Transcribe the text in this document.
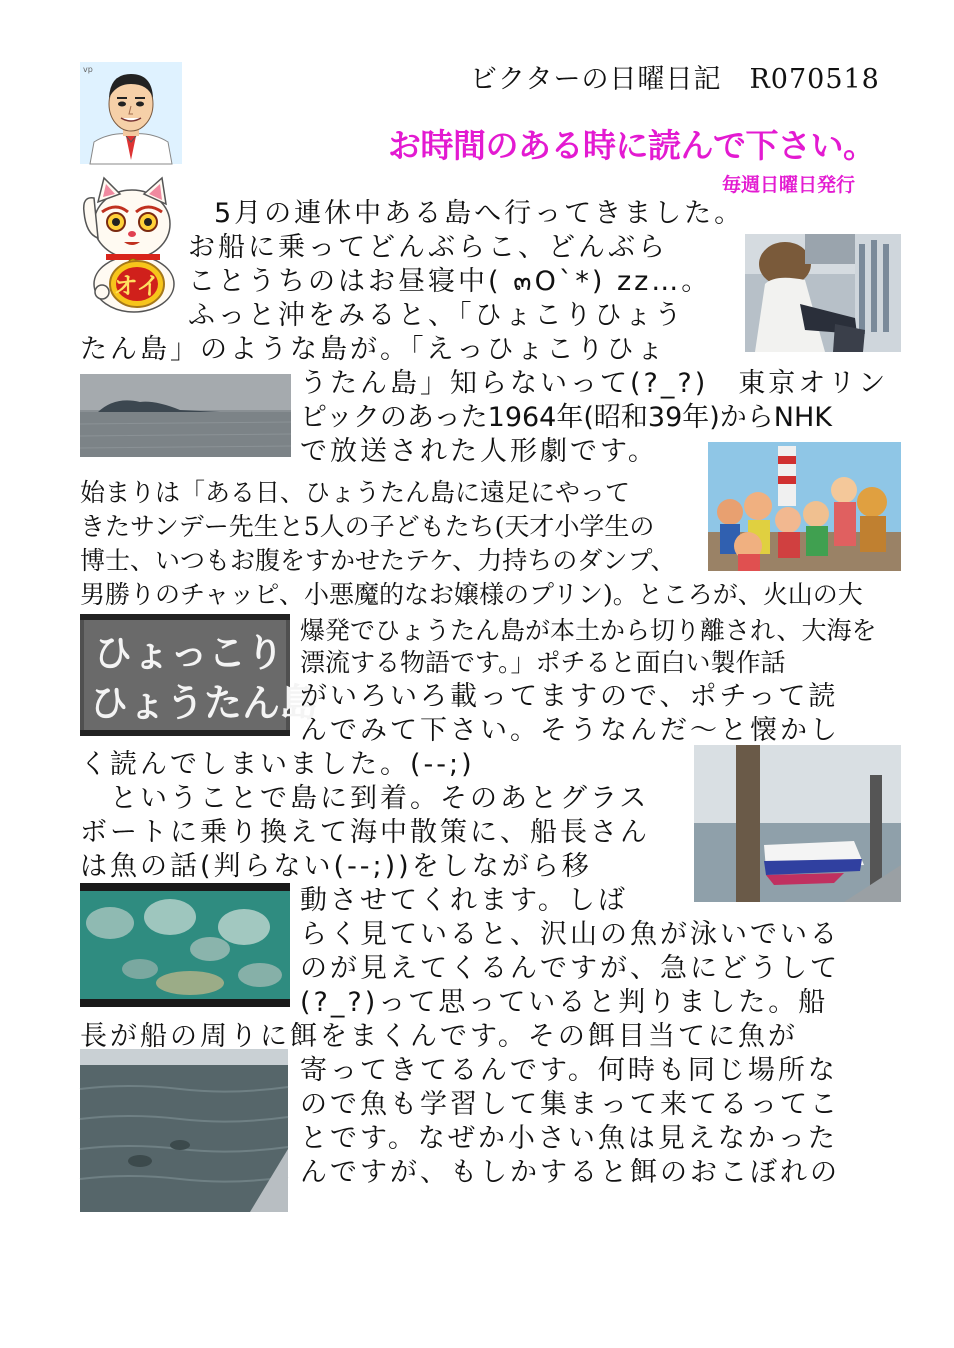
vp
オイ
ビクターの日曜日記　R070518
お時間のある時に読んで下さい。
毎週日曜日発行
ひょっこり
ひょうたん島
5月の連休中ある島へ行ってきました。
お船に乗ってどんぶらこ、どんぶら
ことうちのはお昼寝中( ๓O`*) zz…。
ふっと沖をみると、「ひょこりひょう
たん島」のような島が。「えっひょこりひょ
うたん島」知らないって(?_?)　東京オリン
ピックのあった1964年(昭和39年)からNHK
で放送された人形劇です。
始まりは「ある日、ひょうたん島に遠足にやって
きたサンデー先生と5人の子どもたち(天才小学生の
博士、いつもお腹をすかせたテケ、力持ちのダンプ、
男勝りのチャッピ、小悪魔的なお嬢様のプリン)。ところが、火山の大
爆発でひょうたん島が本土から切り離され、大海を
漂流する物語です。」ポチると面白い製作話
がいろいろ載ってますので、ポチって読
んでみて下さい。そうなんだ～と懐かし
く読んでしまいました。(--;)
　ということで島に到着。そのあとグラス
ボートに乗り換えて海中散策に、船長さん
は魚の話(判らない(--;))をしながら移
動させてくれます。しば
らく見ていると、沢山の魚が泳いでいる
のが見えてくるんですが、急にどうして
(?_?)って思っていると判りました。船
長が船の周りに餌をまくんです。その餌目当てに魚が
寄ってきてるんです。何時も同じ場所な
ので魚も学習して集まって来てるってこ
とです。なぜか小さい魚は見えなかった
んですが、もしかすると餌のおこぼれの
